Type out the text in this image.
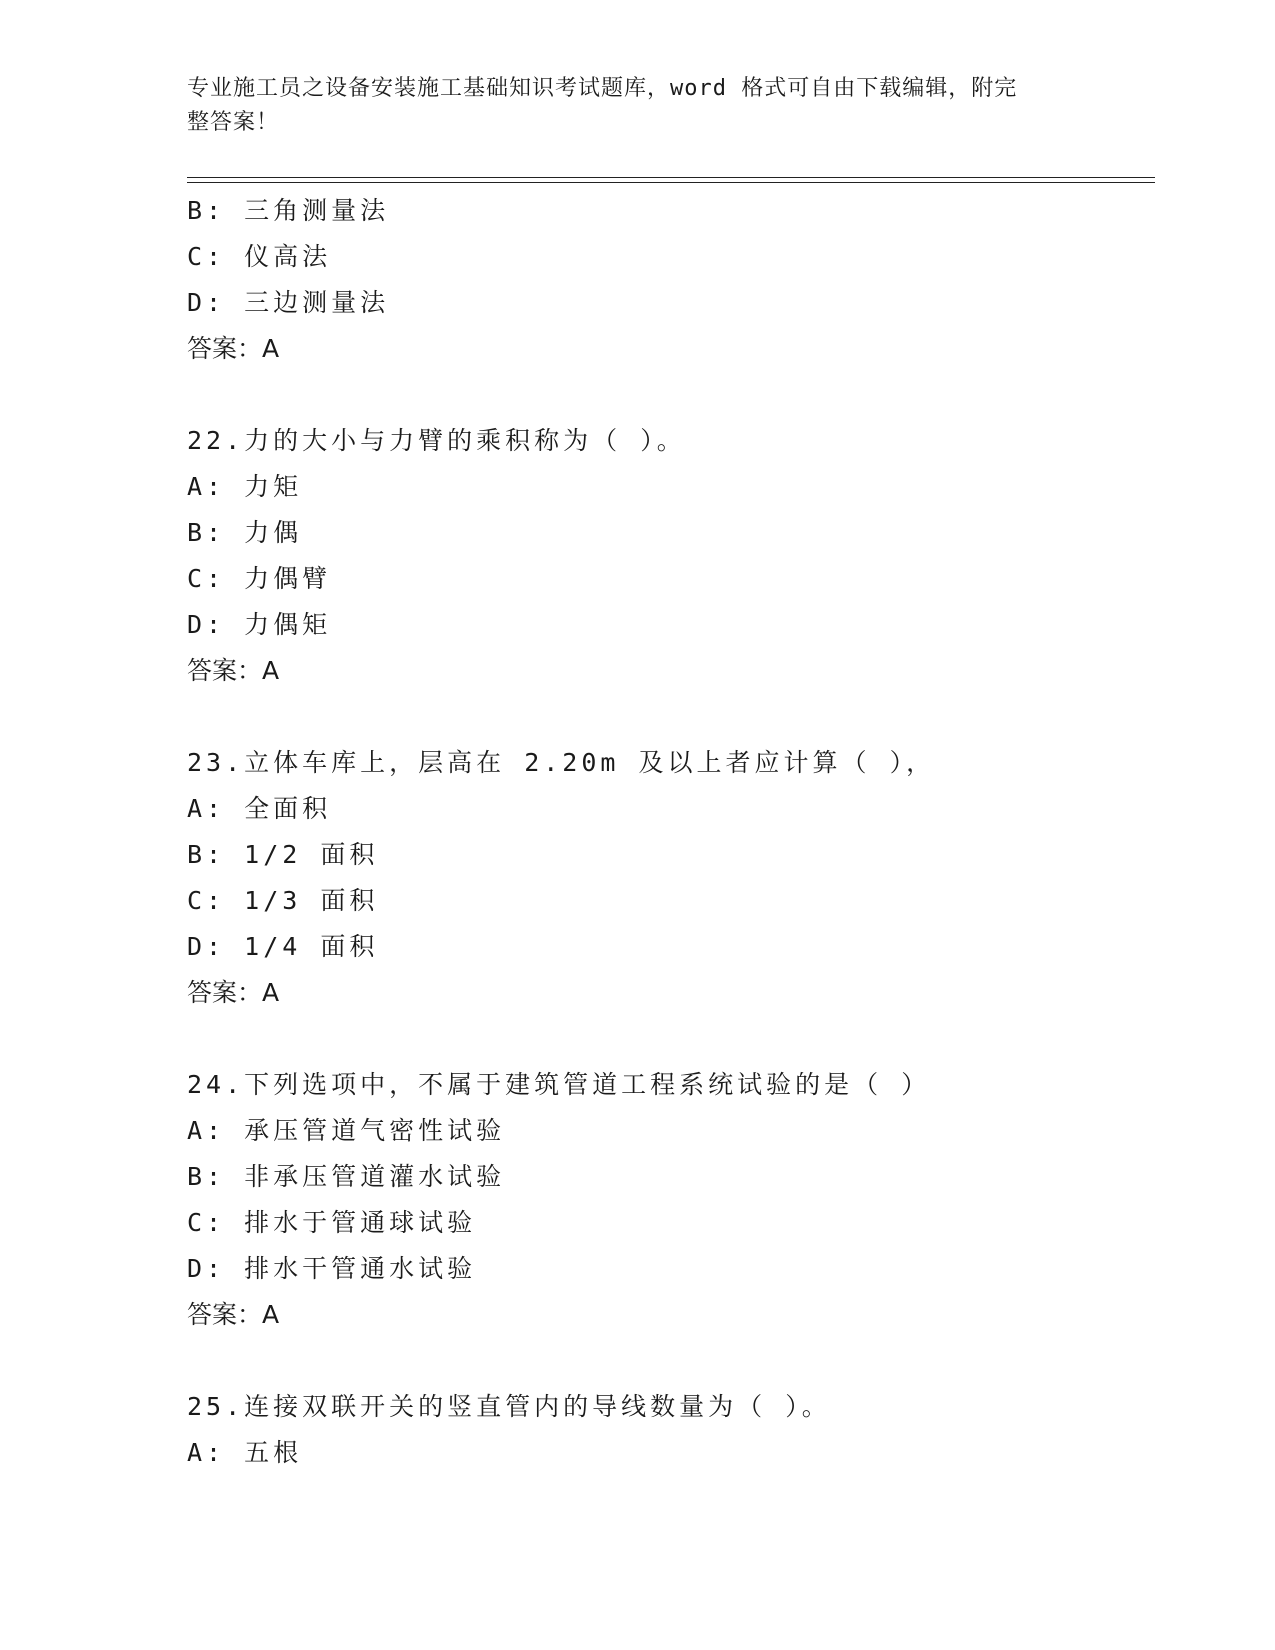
专业施工员之设备安装施工基础知识考试题库，word 格式可自由下载编辑，附完
整答案！
B: 三角测量法
C: 仪高法
D: 三边测量法
答案：A
22.力的大小与力臂的乘积称为（ ）。
A: 力矩
B: 力偶
C: 力偶臂
D: 力偶矩
答案：A
23.立体车库上，层高在 2.20m 及以上者应计算（ ），
A: 全面积
B: 1/2 面积
C: 1/3 面积
D: 1/4 面积
答案：A
24.下列选项中，不属于建筑管道工程系统试验的是（ ）
A: 承压管道气密性试验
B: 非承压管道灌水试验
C: 排水于管通球试验
D: 排水干管通水试验
答案：A
25.连接双联开关的竖直管内的导线数量为（ ）。
A: 五根
